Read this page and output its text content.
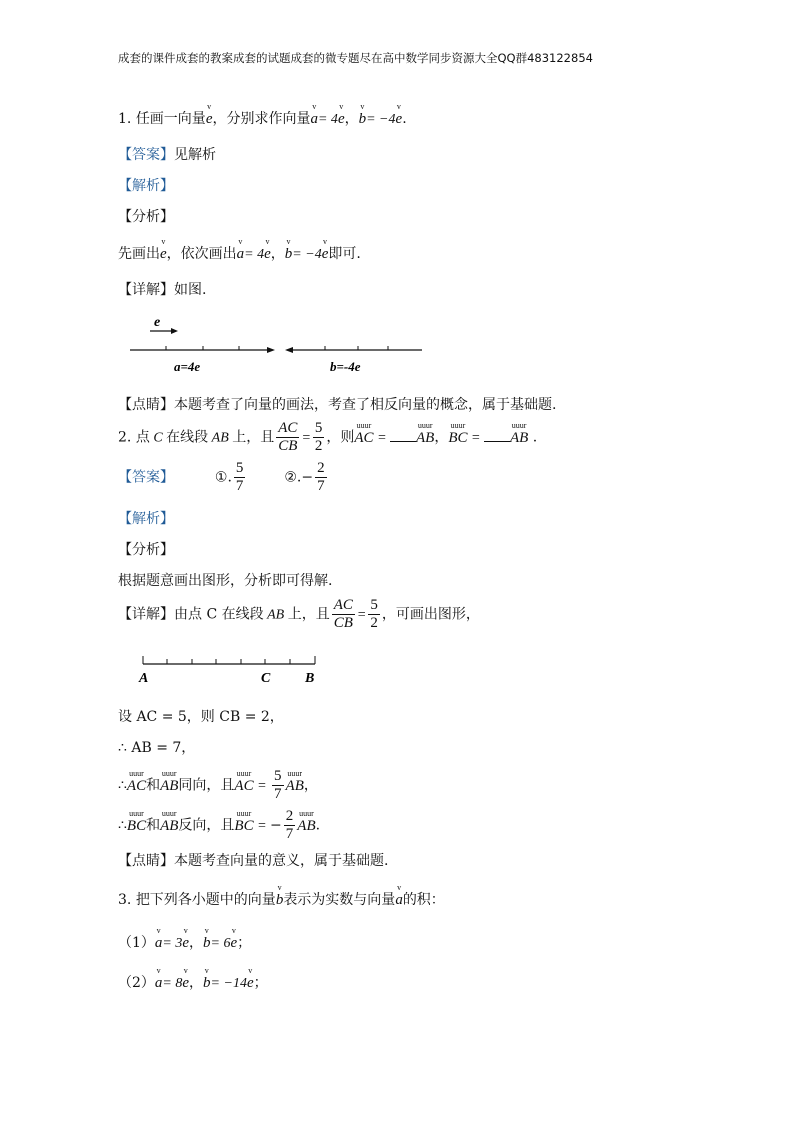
成套的课件成套的教案成套的试题成套的微专题尽在高中数学同步资源大全QQ群483122854
1. 任画一向量
v
e，分别求作向量
v
a= 4
v
e，
v
b= −4
v
e.
【答案】见解析
【解析】
【分析】
先画出
v
e，依次画出
v
a= 4
v
e，
v
b= −4
v
e即可.
【详解】如图.
e
a=4e	b=-4e
【点睛】本题考查了向量的画法，考查了相反向量的概念，属于基础题.
2. 点 C 在线段 AB 上，且 $\frac{AC}{CB} = \frac{5}{2}$ ，则
uuur
AC =
uuur
AB，
uuur
BC =
uuur
AB .
【答案】	①. $\frac{5}{7}$	②.− $\frac{2}{7}$
【解析】
【分析】
根据题意画出图形，分析即可得解.
【详解】由点 C 在线段 AB 上，且 $\frac{AC}{CB} = \frac{5}{2}$ ，可画出图形，
A	C B
设 AC = 5，则 CB = 2，
∴ AB = 7，
∴
uuur
AC和
uuur
AB同向，且
uuur
AC = $\frac{5}{7}$ uuur
AB，
∴
uuur
BC和
uuur
AB反向，且
uuur
BC = − $\frac{2}{7}$ uuur
AB.
【点睛】本题考查向量的意义，属于基础题.
3. 把下列各小题中的向量
v
b表示为实数与向量
v
a的积：
（1）
v
a= 3
v
e，
v
b= 6
v
e；
（2）
v
a= 8
v
e，
v
b= −14
v
e；
